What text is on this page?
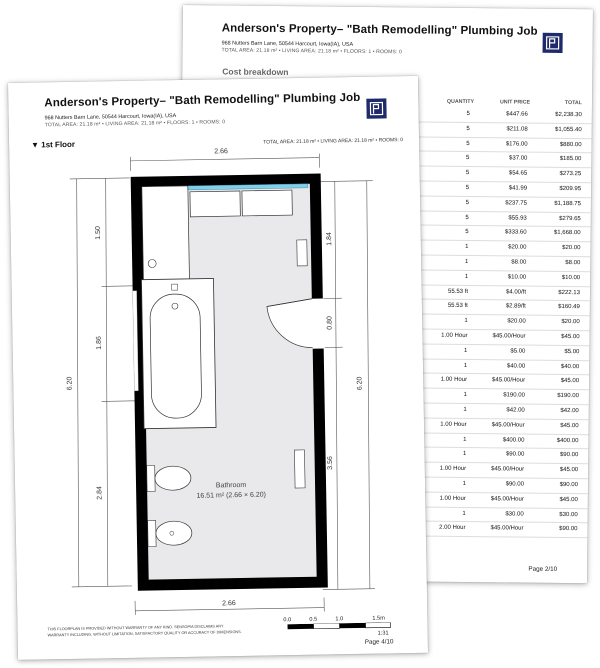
Anderson's Property– "Bath Remodelling" Plumbing Job
968 Nutters Barn Lane, 50544 Harcourt, Iowa(IA), USA
TOTAL AREA: 21.18 m² • LIVING AREA: 21.18 m² • FLOORS: 1 • ROOMS: 0
Cost breakdown
QUANTITY	UNIT PRICE	TOTAL
5	$447.66	$2,238.30
5	$211.08	$1,055.40
5	$176.00	$880.00
5	$37.00	$185.00
5	$54.65	$273.25
5	$41.99	$209.95
5	$237.75	$1,188.75
5	$55.93	$279.65
5	$333.60	$1,668.00
1	$20.00	$20.00
1	$8.00	$8.00
1	$10.00	$10.00
55.53 ft	$4.00/ft	$222.13
55.53 ft	$2.89/ft	$160.49
1	$20.00	$20.00
1.00 Hour	$45.00/Hour	$45.00
1	$5.00	$5.00
1	$40.00	$40.00
1.00 Hour	$45.00/Hour	$45.00
1	$190.00	$190.00
1	$42.00	$42.00
1.00 Hour	$45.00/Hour	$45.00
1	$400.00	$400.00
1	$90.00	$90.00
1.00 Hour	$45.00/Hour	$45.00
1	$90.00	$90.00
1.00 Hour	$45.00/Hour	$45.00
1	$30.00	$30.00
2.00 Hour	$45.00/Hour	$90.00
Page 2/10
Anderson's Property– "Bath Remodelling" Plumbing Job
968 Nutters Barn Lane, 50544 Harcourt, Iowa(IA), USA
TOTAL AREA: 21.18 m² • LIVING AREA: 21.18 m² • FLOORS: 1 • ROOMS: 0
▼ 1st Floor	TOTAL AREA: 21.18 m² • LIVING AREA: 21.18 m² • ROOMS: 0
2.66
2.66
6.20
1.50
1.86
2.84
6.20
1.84
0.80
3.56
Bathroom
16.51 m² (2.66 × 6.20)
THIS FLOORPLAN IS PROVIDED WITHOUT WARRANTY OF ANY KIND. SENSOPIA DISCLAIMS ANY
WARRANTY INCLUDING, WITHOUT LIMITATION, SATISFACTORY QUALITY OR ACCURACY OF DIMENSIONS.
0.0	0.5	1.0	1.5m
1:31
Page 4/10
